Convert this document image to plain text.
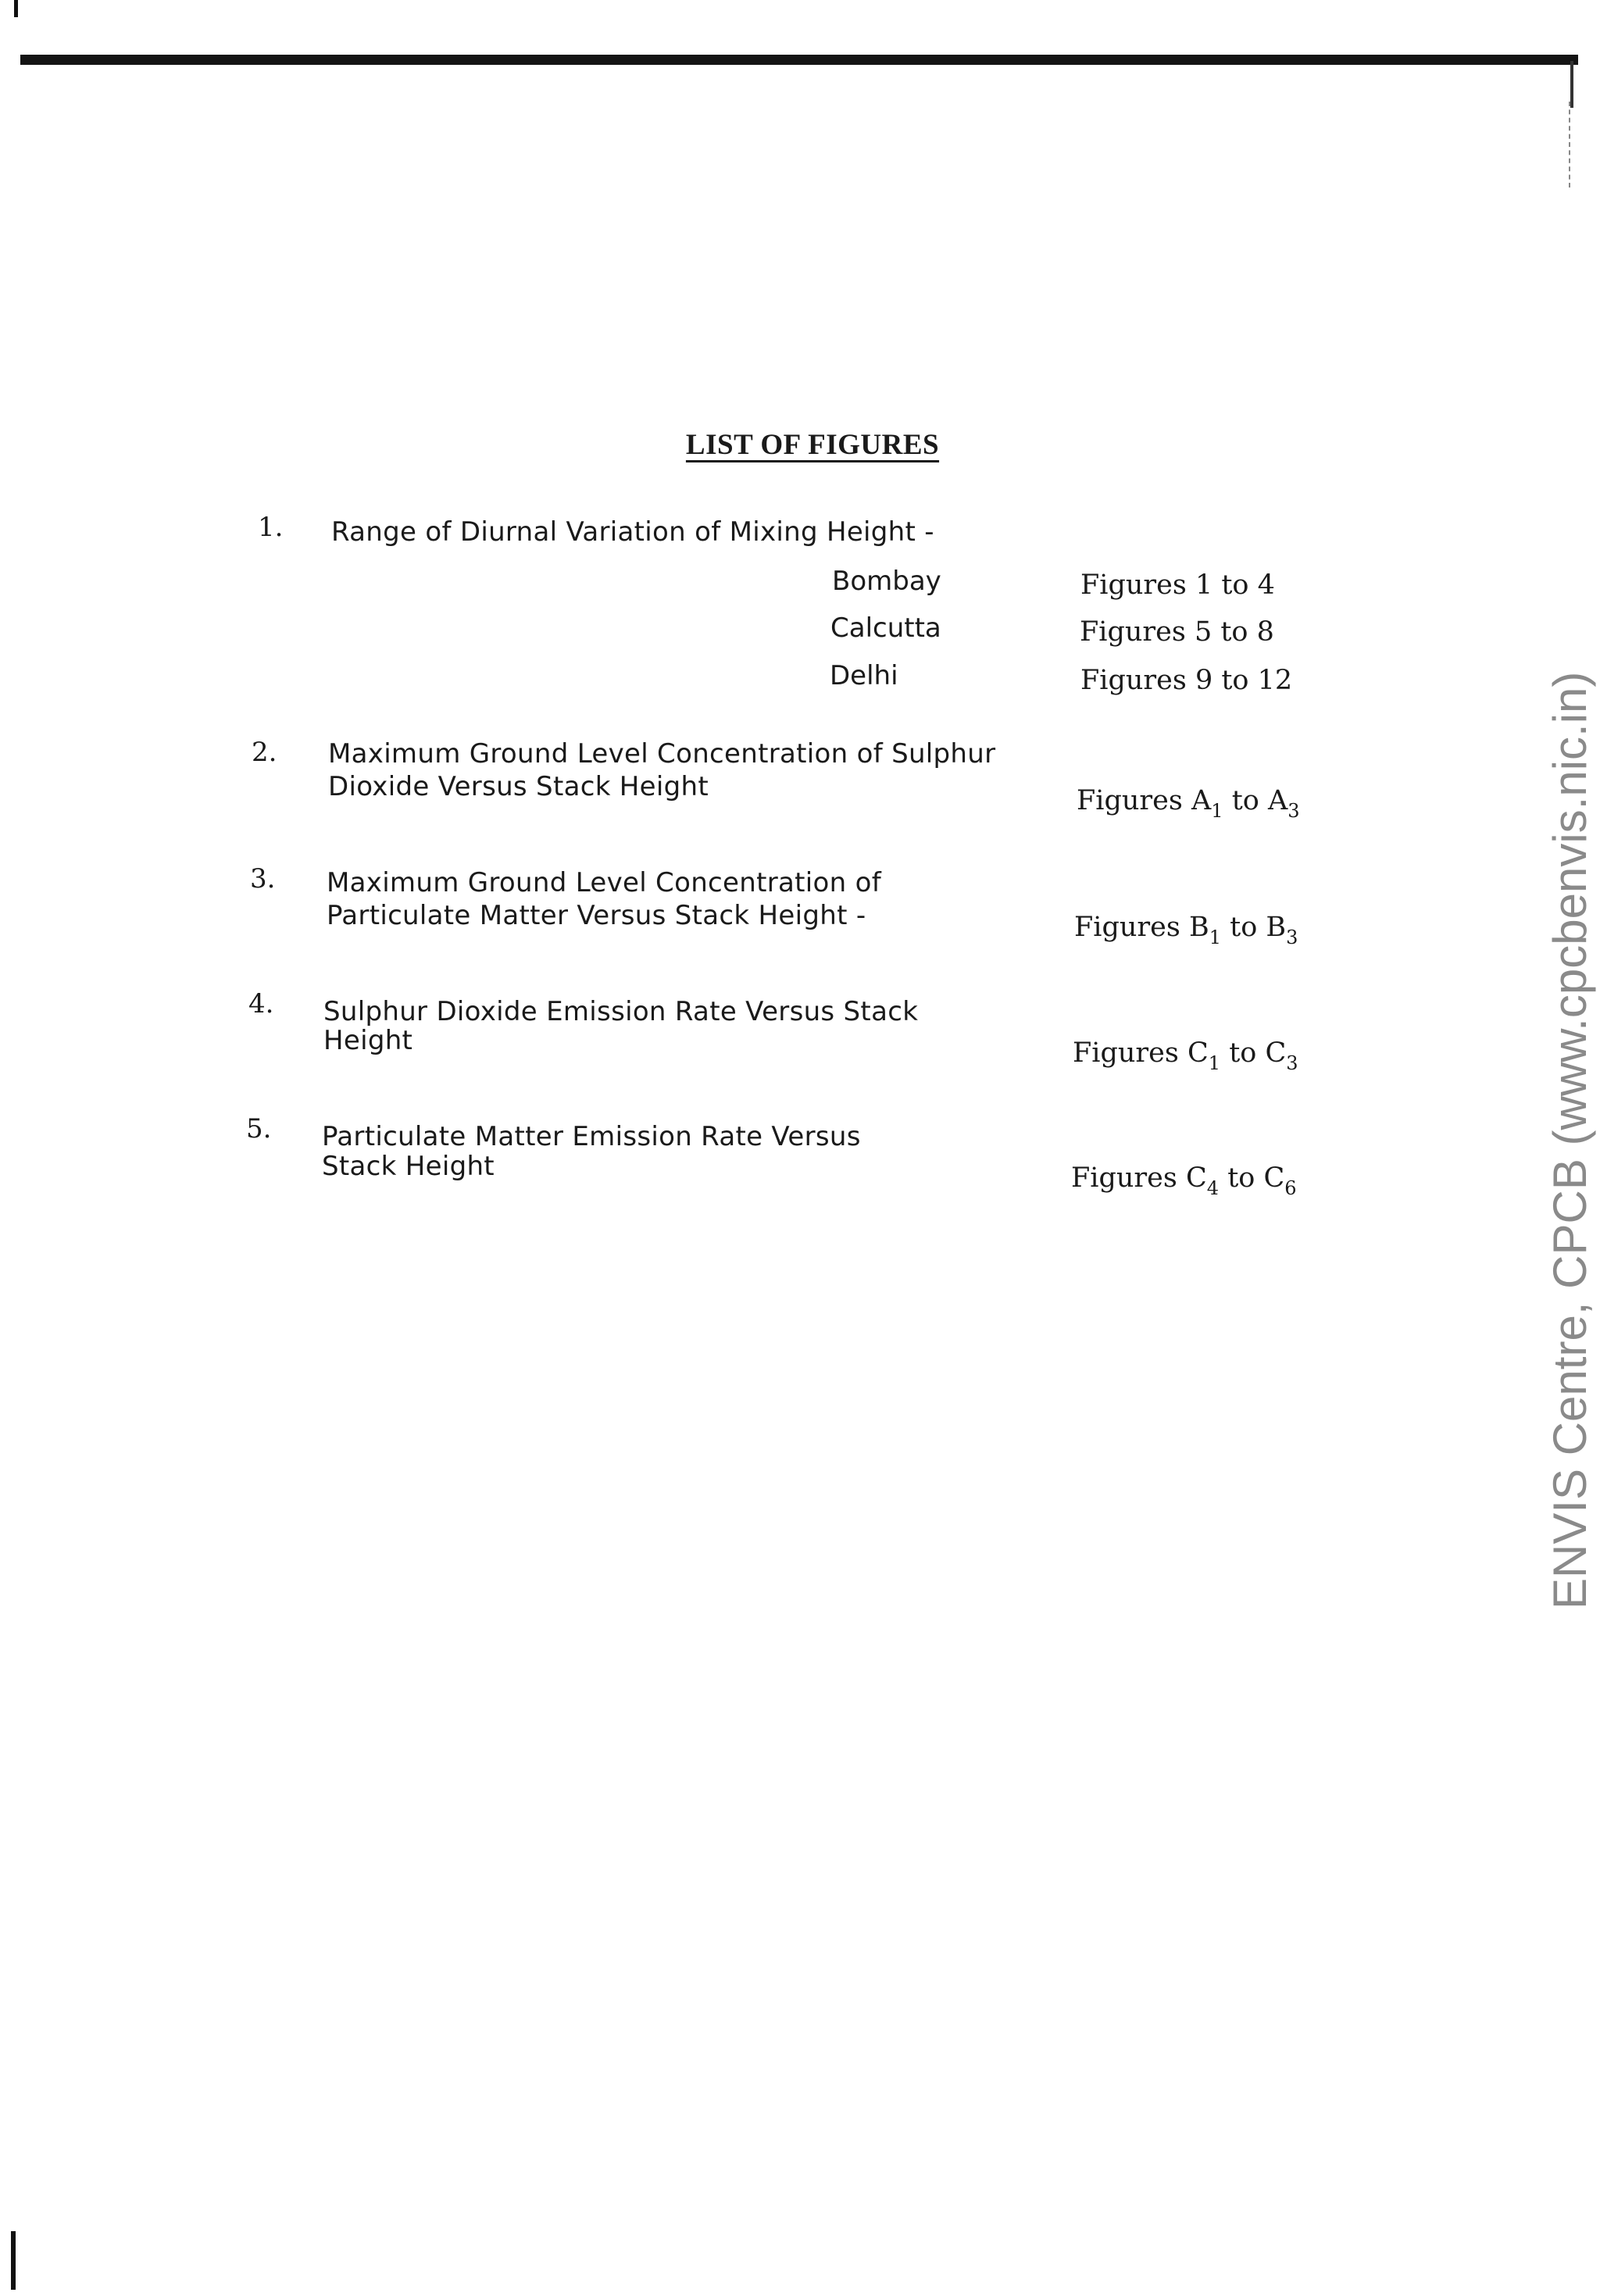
LIST OF FIGURES
1. Range of Diurnal Variation of Mixing Height -
Bombay	Figures 1 to 4
Calcutta	Figures 5 to 8
Delhi	Figures 9 to 12
2. Maximum Ground Level Concentration of Sulphur
Dioxide Versus Stack Height	Figures $A_1$ to $A_3$
3. Maximum Ground Level Concentration of
Particulate Matter Versus Stack Height -	Figures $B_1$ to $B_3$
4. Sulphur Dioxide Emission Rate Versus Stack
Height	Figures $C_1$ to $C_3$
5. Particulate Matter Emission Rate Versus
Stack Height	Figures $C_4$ to $C_6$	ENVIS Centre, CPCB (www.cpcbenvis.nic.in)
